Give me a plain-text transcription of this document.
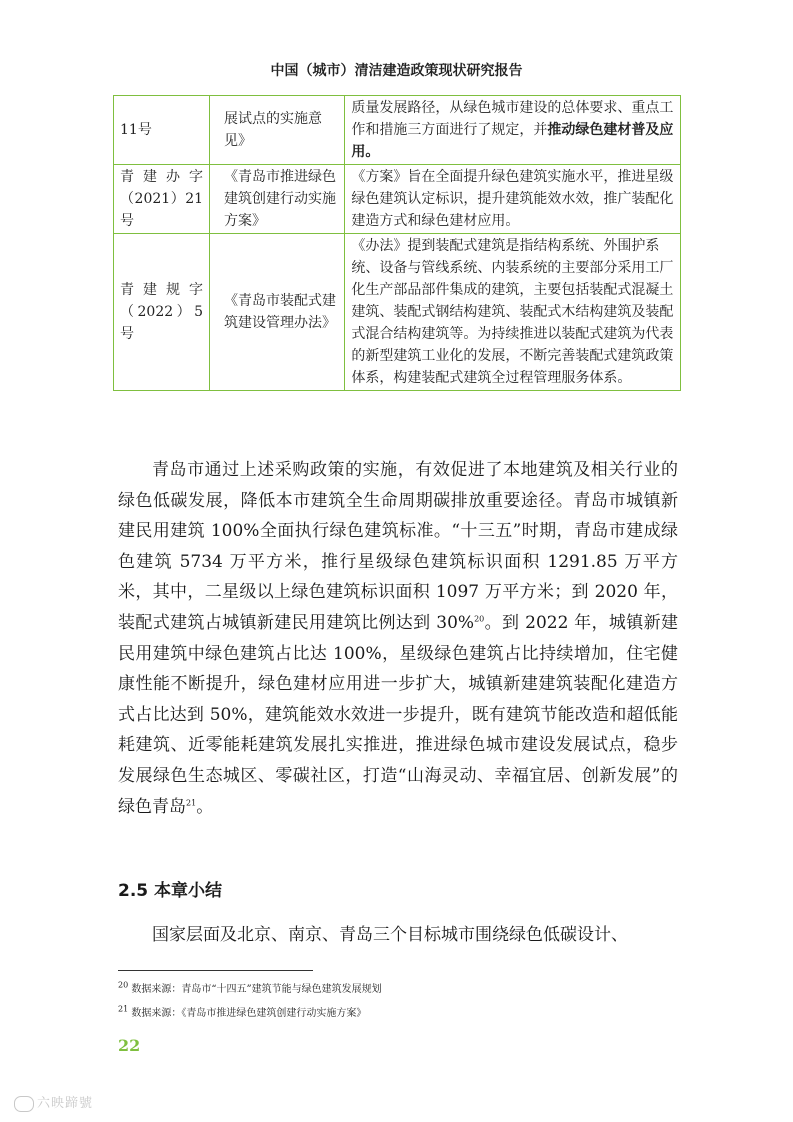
中国（城市）清洁建造政策现状研究报告
11号	展试点的实施意见》	质量发展路径，从绿色城市建设的总体要求、重点工作和措施三方面进行了规定，并推动绿色建材普及应用。
青建办字（2021）21号	《青岛市推进绿色建筑创建行动实施方案》	《方案》旨在全面提升绿色建筑实施水平，推进星级绿色建筑认定标识，提升建筑能效水效，推广装配化建造方式和绿色建材应用。
青建规字（2022）5号	《青岛市装配式建筑建设管理办法》	《办法》提到装配式建筑是指结构系统、外围护系统、设备与管线系统、内装系统的主要部分采用工厂化生产部品部件集成的建筑，主要包括装配式混凝土建筑、装配式钢结构建筑、装配式木结构建筑及装配式混合结构建筑等。为持续推进以装配式建筑为代表的新型建筑工业化的发展，不断完善装配式建筑政策体系，构建装配式建筑全过程管理服务体系。

青岛市通过上述采购政策的实施，有效促进了本地建筑及相关行业的绿色低碳发展，降低本市建筑全生命周期碳排放重要途径。青岛市城镇新建民用建筑 100%全面执行绿色建筑标准。“十三五”时期，青岛市建成绿色建筑 5734 万平方米，推行星级绿色建筑标识面积 1291.85 万平方米，其中，二星级以上绿色建筑标识面积 1097 万平方米；到 2020 年，装配式建筑占城镇新建民用建筑比例达到 30%$^{20}$。到 2022 年，城镇新建民用建筑中绿色建筑占比达 100%，星级绿色建筑占比持续增加，住宅健康性能不断提升，绿色建材应用进一步扩大，城镇新建建筑装配化建造方式占比达到 50%，建筑能效水效进一步提升，既有建筑节能改造和超低能耗建筑、近零能耗建筑发展扎实推进，推进绿色城市建设发展试点，稳步发展绿色生态城区、零碳社区，打造“山海灵动、幸福宜居、创新发展”的绿色青岛$^{21}$。

2.5 本章小结

国家层面及北京、南京、青岛三个目标城市围绕绿色低碳设计、

$^{20}$ 数据来源：青岛市“十四五”建筑节能与绿色建筑发展规划
$^{21}$ 数据来源：《青岛市推进绿色建筑创建行动实施方案》
22
六映蹄號
